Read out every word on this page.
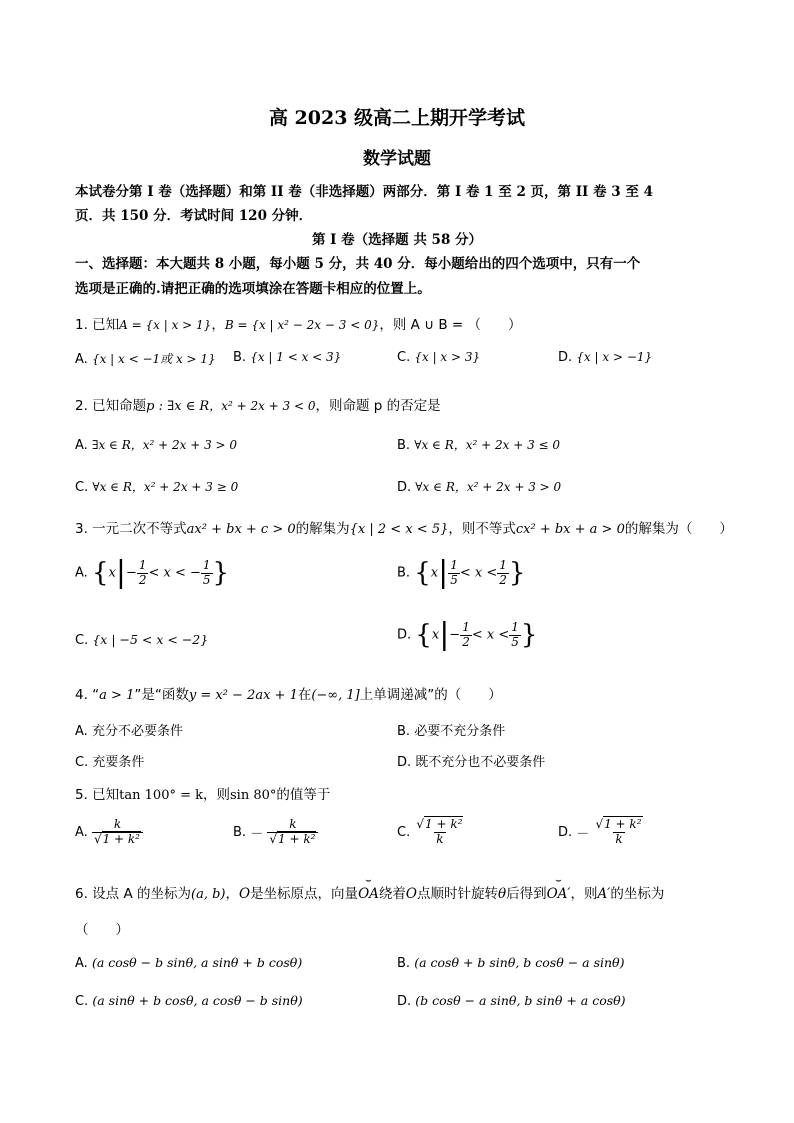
高 2023 级高二上期开学考试
数学试题
本试卷分第 I 卷（选择题）和第 II 卷（非选择题）两部分．第 I 卷 1 至 2 页，第 II 卷 3 至 4
页．共 150 分．考试时间 120 分钟．
第 I 卷（选择题 共 58 分）
一、选择题：本大题共 8 小题，每小题 5 分，共 40 分．每小题给出的四个选项中，只有一个
选项是正确的.请把正确的选项填涂在答题卡相应的位置上。
1. 已知A = {x | x > 1}，B = {x | x² − 2x − 3 < 0}，则 A ∪ B = （　　）
A. {x | x < −1或 x > 1} B. {x | 1 < x < 3}	C. {x | x > 3}	D. {x | x > −1}
2. 已知命题p : ∃x ∈ R，x² + 2x + 3 < 0，则命题 p 的否定是
A. ∃x ∈ R，x² + 2x + 3 > 0	B. ∀x ∈ R，x² + 2x + 3 ≤ 0
C. ∀x ∈ R，x² + 2x + 3 ≥ 0	D. ∀x ∈ R，x² + 2x + 3 > 0
3. 一元二次不等式ax² + bx + c > 0的解集为{x | 2 < x < 5}，则不等式cx² + bx + a > 0的解集为（　　）
A. {$x|- \frac{1}{2} < x$ < − $\frac{1}{5}$ }	B. {$x| \frac{1}{5} < x < \frac{1}{2}$ }
C. {x | −5 < x < −2}	D. {$x|- \frac{1}{2} < x < \frac{1}{5}$ }
4. “a > 1”是“函数y = x² − 2ax + 1在(−∞, 1]上单调递减”的（　　）
A. 充分不必要条件	B. 必要不充分条件
C. 充要条件	D. 既不充分也不必要条件
5. 已知tan 100° = k，则sin 80°的值等于
A. $\frac{k}{\text{√1 + k²}}$	B. － $\frac{k}{\text{√1 + k²}}$	C. $\frac{\text{√1 + k²}}{k}$	D. － $\frac{\text{√1 + k²}}{k}$
6. 设点 A 的坐标为(a, b)，O是坐标原点，向量⌣ OA绕着O点顺时针旋转θ后得到⌣ OA′，则A′的坐标为
（　　）
A. (a cosθ − b sinθ, a sinθ + b cosθ)	B. (a cosθ + b sinθ, b cosθ − a sinθ)
C. (a sinθ + b cosθ, a cosθ − b sinθ)	D. (b cosθ − a sinθ, b sinθ + a cosθ)
